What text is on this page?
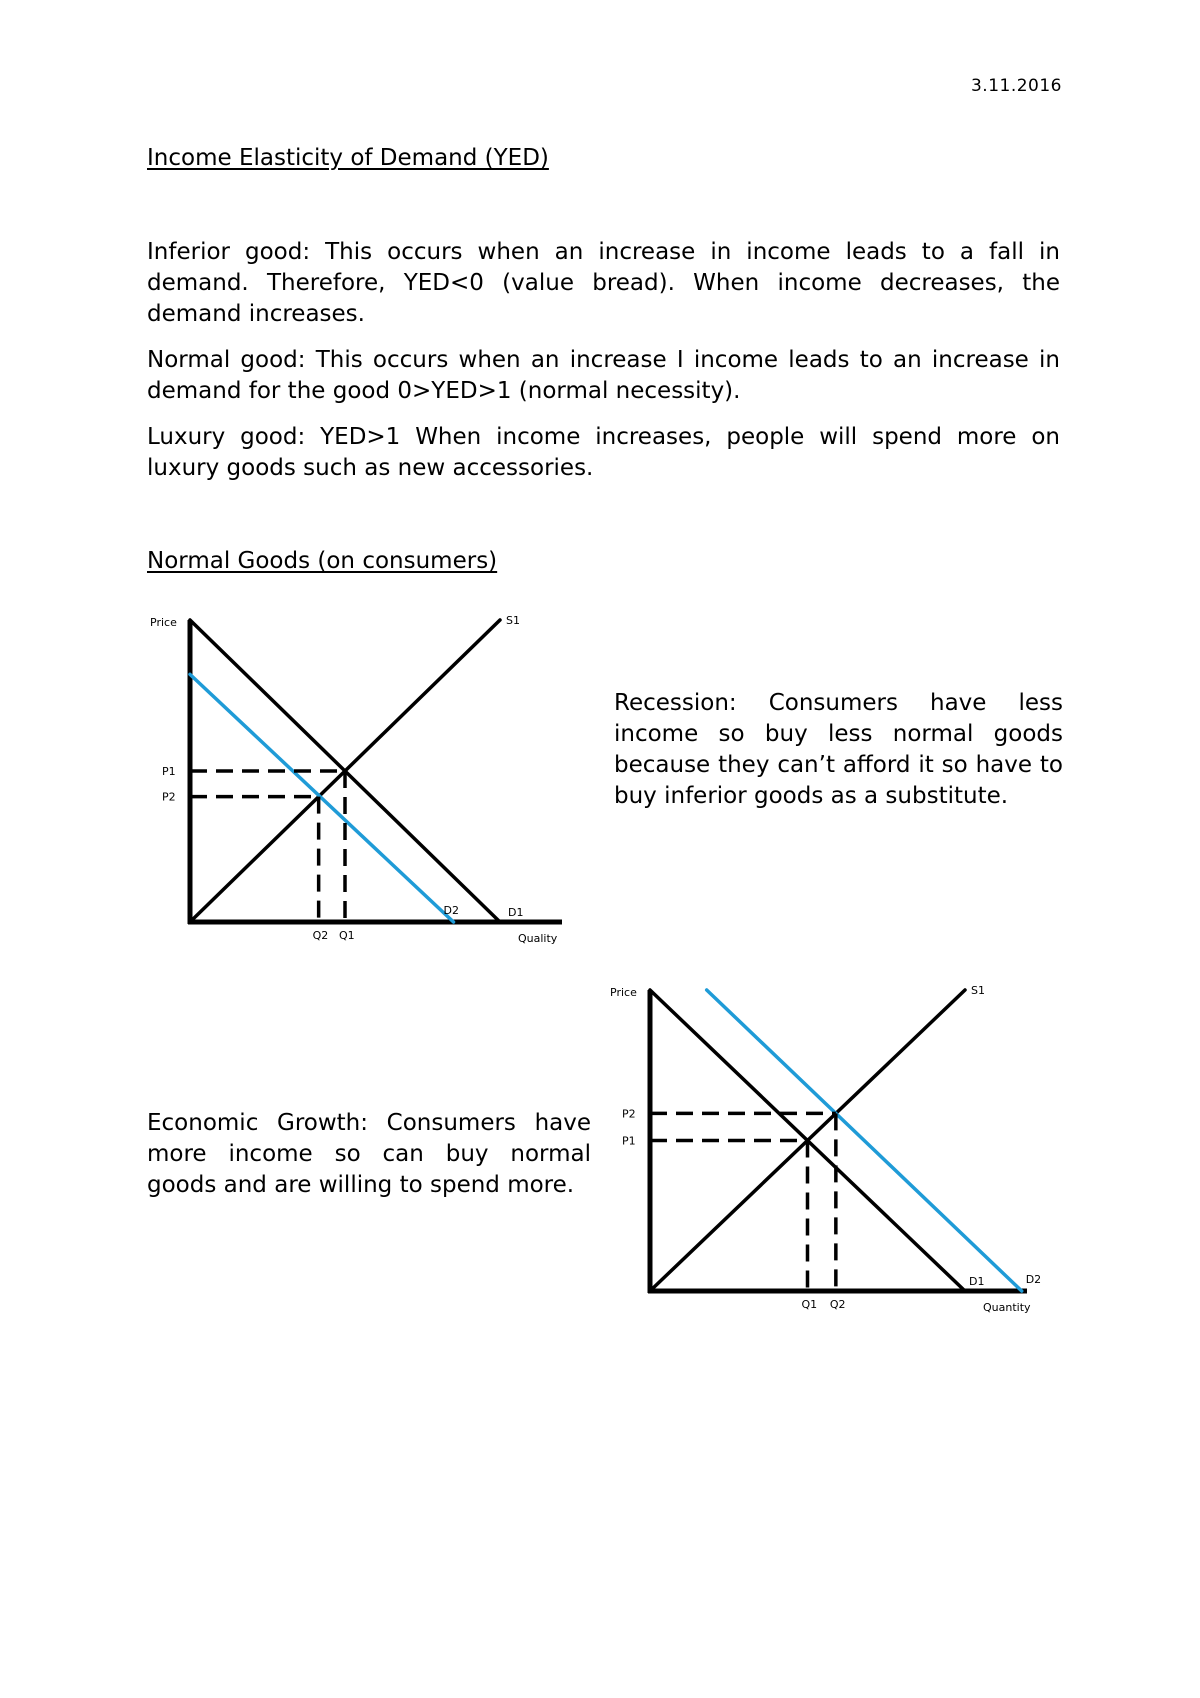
3.11.2016
Income Elasticity of Demand (YED)

Inferior good: This occurs when an increase in income leads to a fall in demand. Therefore, YED<0 (value bread). When income decreases, the demand increases.

Normal good: This occurs when an increase I income leads to an increase in demand for the good 0>YED>1 (normal necessity).

Luxury good: YED>1 When income increases, people will spend more on luxury goods such as new accessories.

Normal Goods (on consumers)
Price
Quality
S1
D1
D2
P1
Q1
P2
Q2

Recession: Consumers have less income so buy less normal goods because they can’t afford it so have to buy inferior goods as a substitute.

Price
Quantity
S1
D1	D2
P1
Q1
P2
Q2

Economic Growth: Consumers have more income so can buy normal goods and are willing to spend more.
